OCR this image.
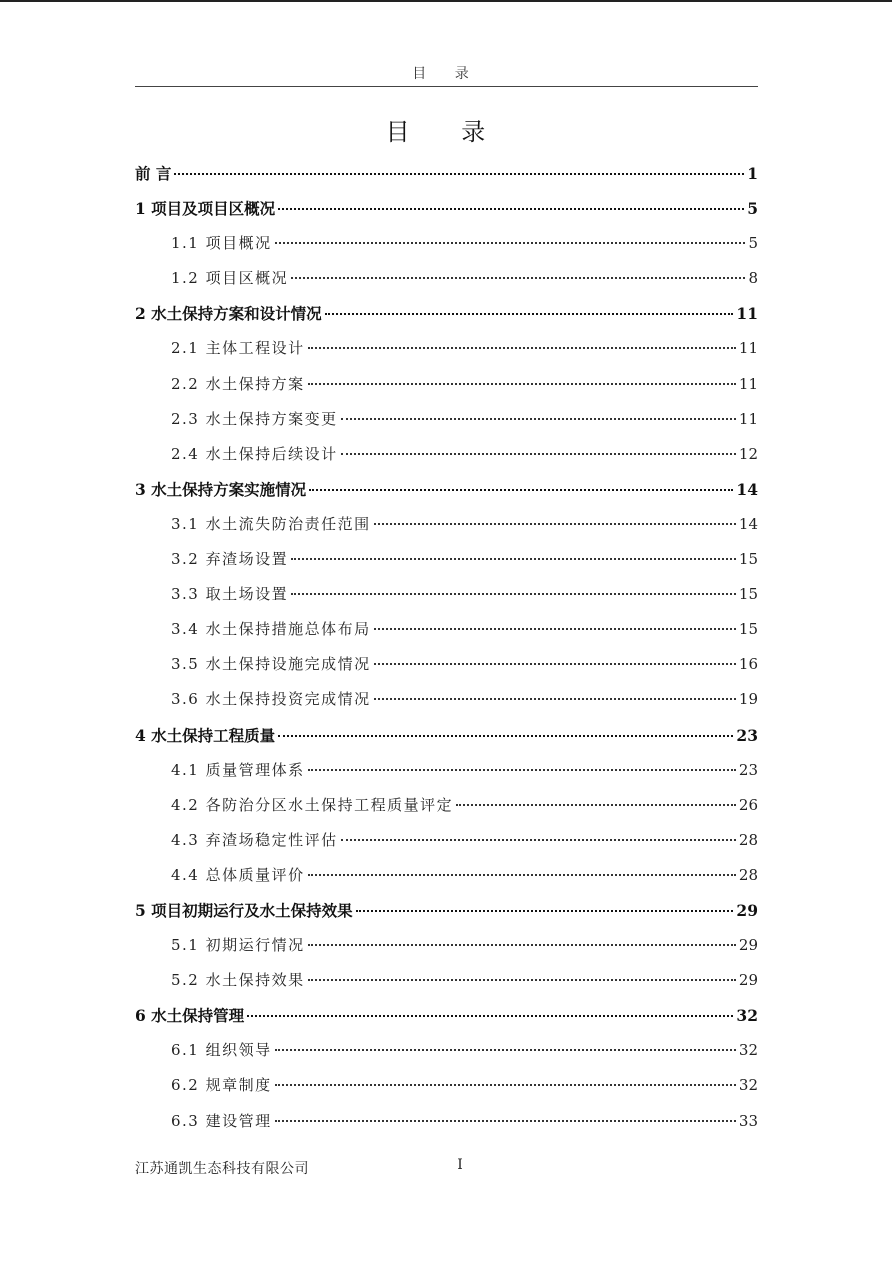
目 录
目 录
前 言	1
1 项目及项目区概况	5
1.1 项目概况	5
1.2 项目区概况	8
2 水土保持方案和设计情况	11
2.1 主体工程设计	11
2.2 水土保持方案	11
2.3 水土保持方案变更	11
2.4 水土保持后续设计	12
3 水土保持方案实施情况	14
3.1 水土流失防治责任范围	14
3.2 弃渣场设置	15
3.3 取土场设置	15
3.4 水土保持措施总体布局	15
3.5 水土保持设施完成情况	16
3.6 水土保持投资完成情况	19
4 水土保持工程质量	23
4.1 质量管理体系	23
4.2 各防治分区水土保持工程质量评定	26
4.3 弃渣场稳定性评估	28
4.4 总体质量评价	28
5 项目初期运行及水土保持效果	29
5.1 初期运行情况	29
5.2 水土保持效果	29
6 水土保持管理	32
6.1 组织领导	32
6.2 规章制度	32
6.3 建设管理	33
江苏通凯生态科技有限公司	I
